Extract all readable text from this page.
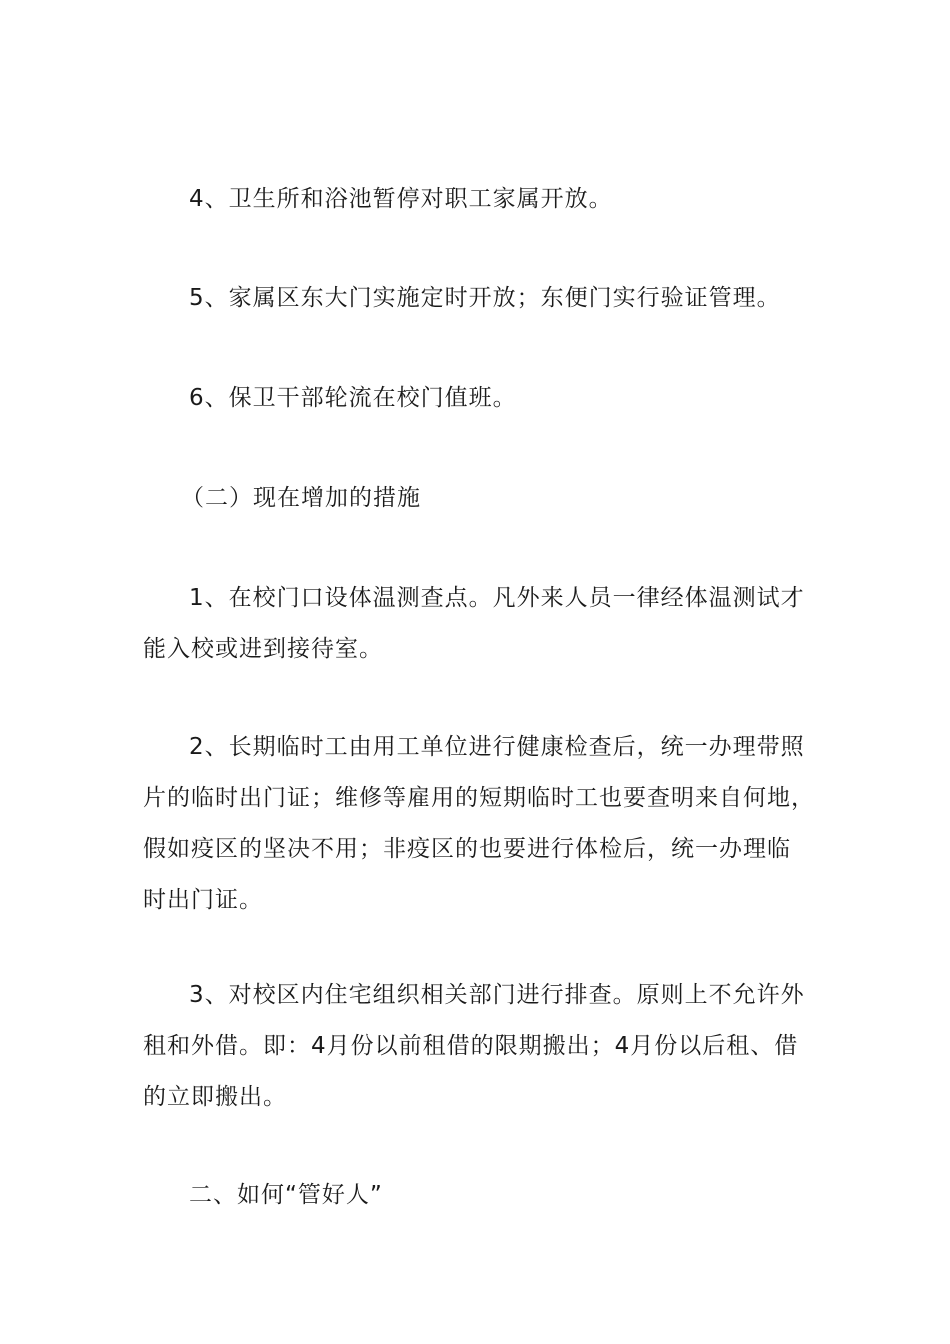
4、卫生所和浴池暂停对职工家属开放。
5、家属区东大门实施定时开放；东便门实行验证管理。
6、保卫干部轮流在校门值班。
（二）现在增加的措施
1、在校门口设体温测查点。凡外来人员一律经体温测试才
能入校或进到接待室。
2、长期临时工由用工单位进行健康检查后，统一办理带照
片的临时出门证；维修等雇用的短期临时工也要查明来自何地，
假如疫区的坚决不用；非疫区的也要进行体检后，统一办理临
时出门证。
3、对校区内住宅组织相关部门进行排查。原则上不允许外
租和外借。即：4月份以前租借的限期搬出；4月份以后租、借
的立即搬出。
二、如何“管好人”
